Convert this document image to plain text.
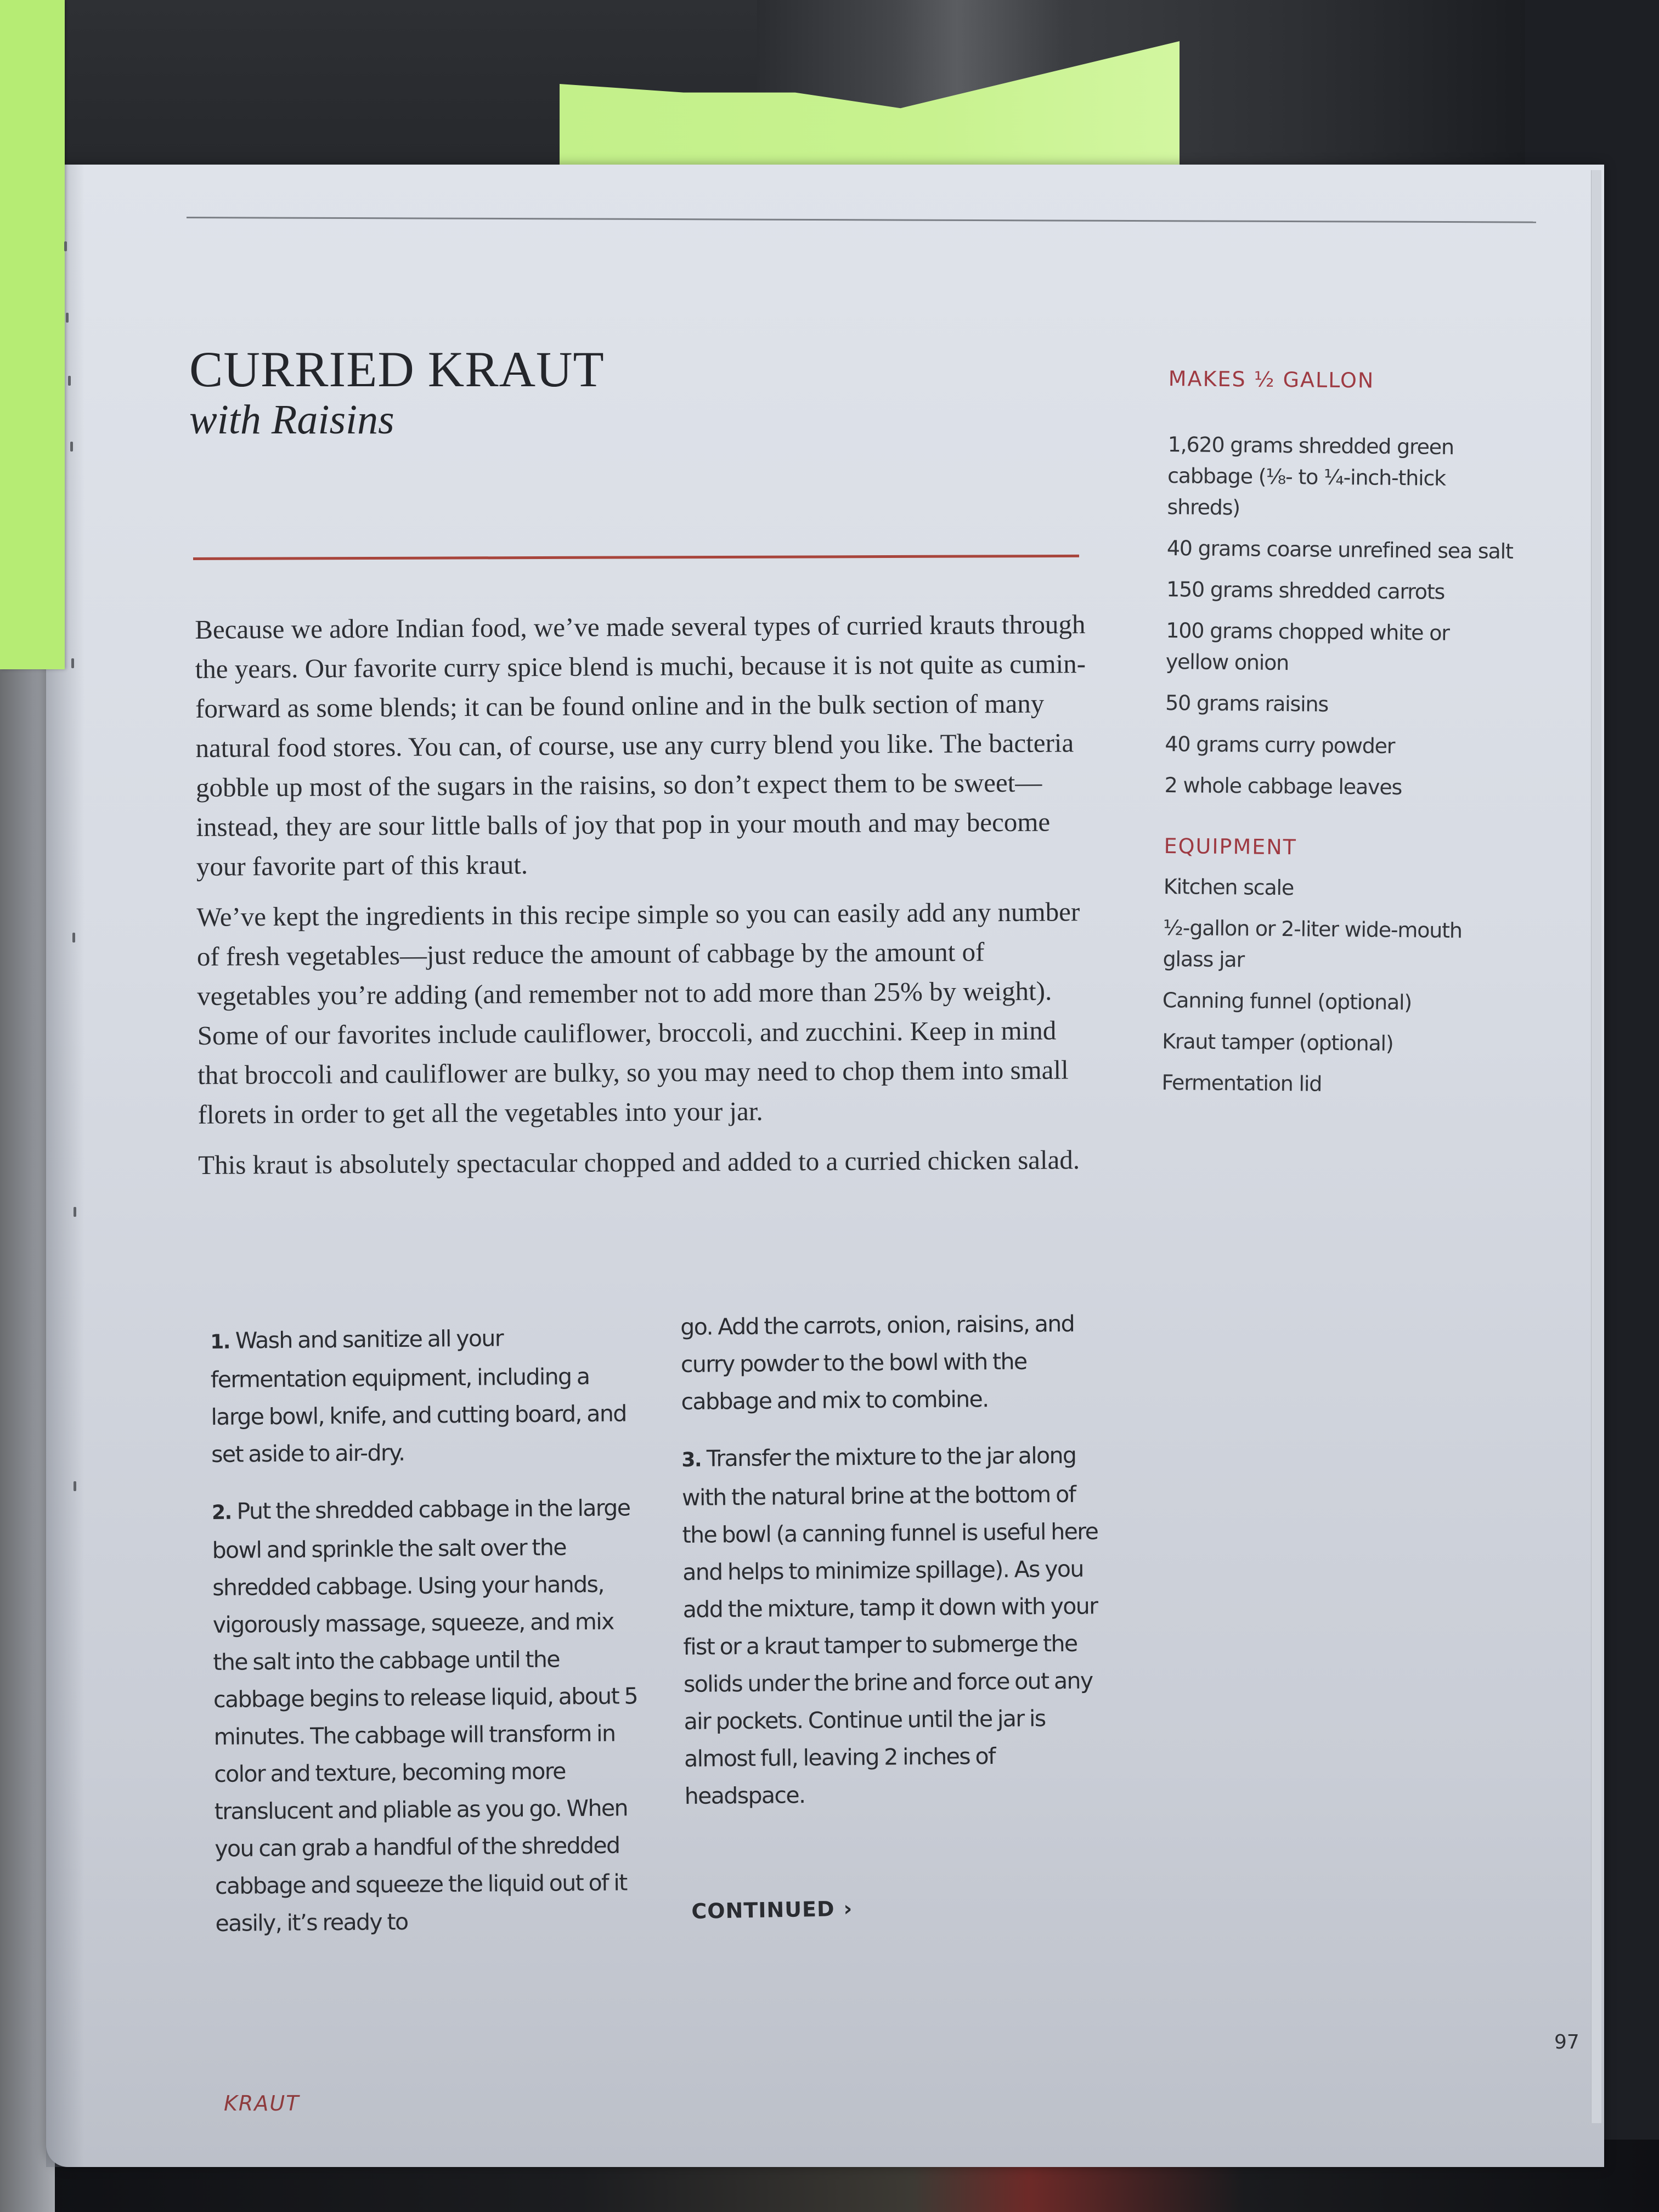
CURRIED KRAUT
with Raisins

Because we adore Indian food, we’ve made several types of curried krauts through the years. Our favorite curry spice blend is muchi, because it is not quite as cumin-forward as some blends; it can be found online and in the bulk section of many natural food stores. You can, of course, use any curry blend you like. The bacteria gobble up most of the sugars in the raisins, so don’t expect them to be sweet—instead, they are sour little balls of joy that pop in your mouth and may become your favorite part of this kraut.

We’ve kept the ingredients in this recipe simple so you can easily add any number of fresh vegetables—just reduce the amount of cabbage by the amount of vegetables you’re adding (and remember not to add more than 25% by weight). Some of our favorites include cauliflower, broccoli, and zucchini. Keep in mind that broccoli and cauliflower are bulky, so you may need to chop them into small florets in order to get all the vegetables into your jar.

This kraut is absolutely spectacular chopped and added to a curried chicken salad.

1. Wash and sanitize all your fermentation equipment, including a large bowl, knife, and cutting board, and set aside to air-dry.
2. Put the shredded cabbage in the large bowl and sprinkle the salt over the shredded cabbage. Using your hands, vigorously massage, squeeze, and mix the salt into the cabbage until the cabbage begins to release liquid, about 5 minutes. The cabbage will transform in color and texture, becoming more translucent and pliable as you go. When you can grab a handful of the shredded cabbage and squeeze the liquid out of it easily, it’s ready to
go. Add the carrots, onion, raisins, and curry powder to the bowl with the cabbage and mix to combine.
3. Transfer the mixture to the jar along with the natural brine at the bottom of the bowl (a canning funnel is useful here and helps to minimize spillage). As you add the mixture, tamp it down with your fist or a kraut tamper to submerge the solids under the brine and force out any air pockets. Continue until the jar is almost full, leaving 2 inches of headspace.
CONTINUED ›
MAKES ½ GALLON
1,620 grams shredded green cabbage (⅛- to ¼-inch-thick shreds)
40 grams coarse unrefined sea salt
150 grams shredded carrots
100 grams chopped white or yellow onion
50 grams raisins
40 grams curry powder
2 whole cabbage leaves
EQUIPMENT
Kitchen scale
½-gallon or 2-liter wide-mouth glass jar
Canning funnel (optional)
Kraut tamper (optional)
Fermentation lid
97
KRAUT
